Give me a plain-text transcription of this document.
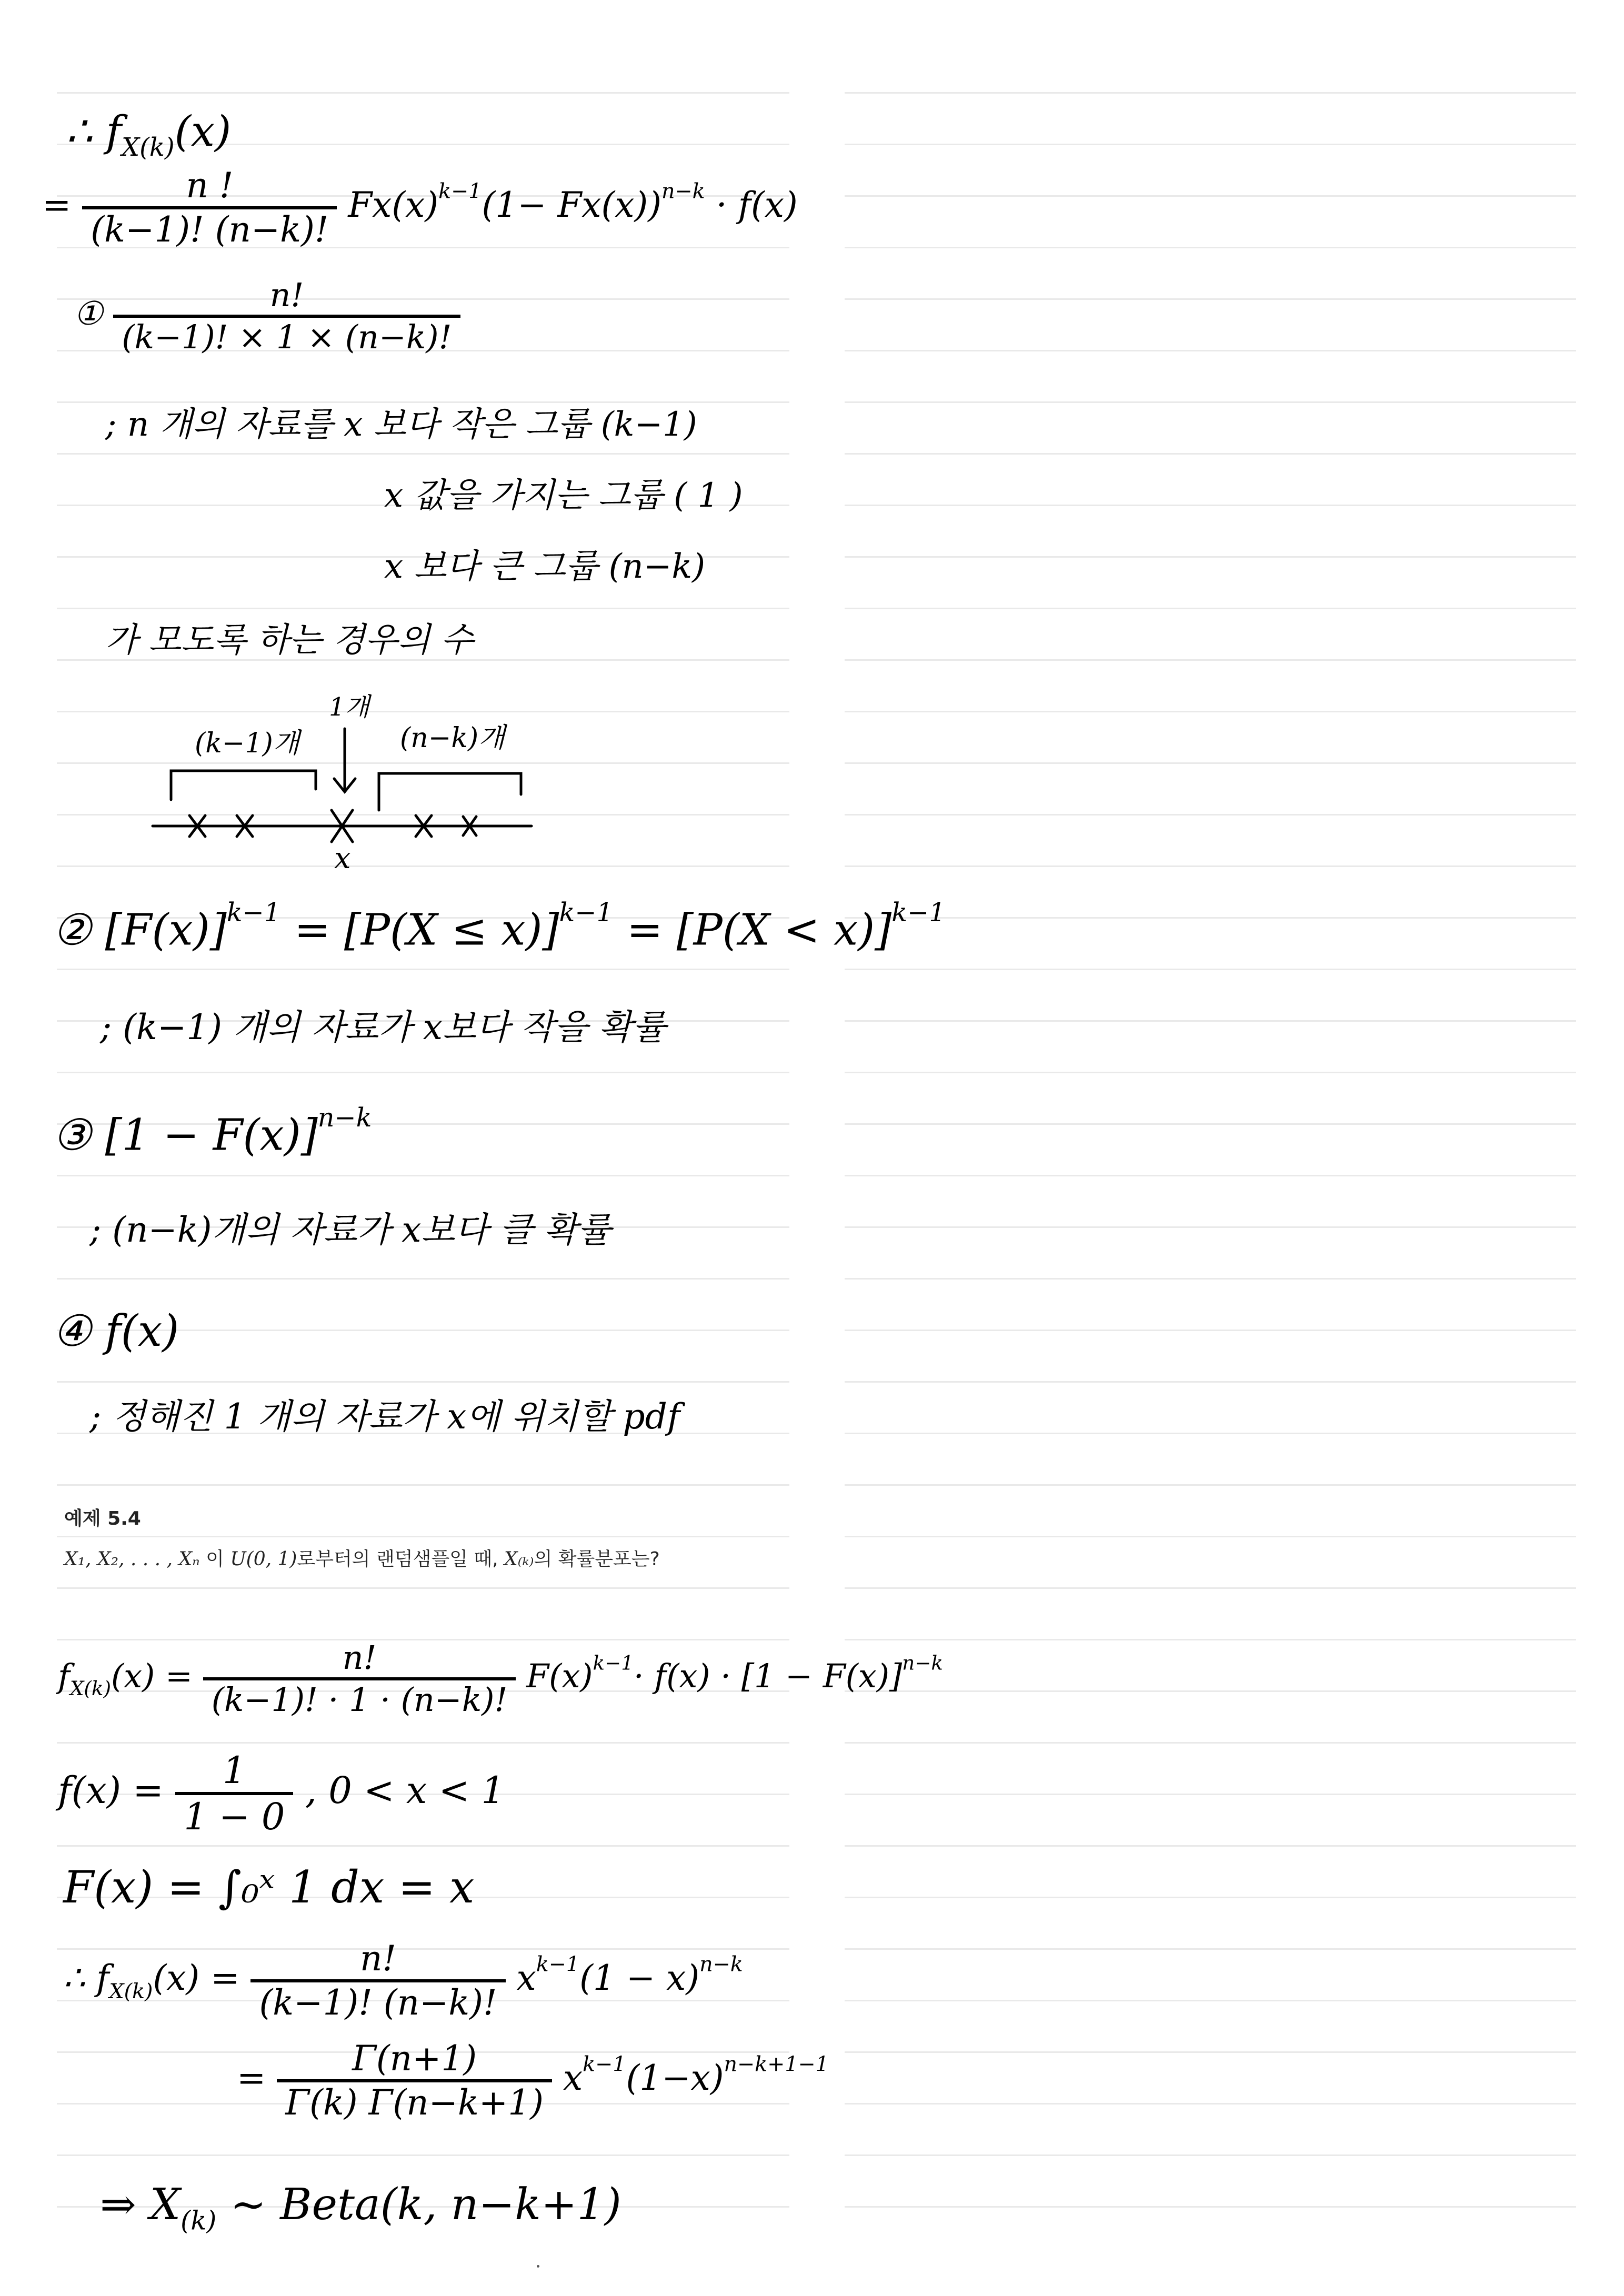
∴ $f_{X(k)}(x)$
= $\frac{n !}{(k-1)! (n-k)!} Fx(x)^{k-1}(1- Fx(x))^{n-k} \cdot f(x)$
① $\frac{n!}{(k-1)! \times 1 \times (n-k)!}$
; n 개의 자료를 x 보다 작은 그룹 (k−1)
x 값을 가지는 그룹 ( 1 )
x 보다 큰 그룹 (n−k)
가 모도록 하는 경우의 수
(k−1)개
1개
(n−k)개
x
② $[F(x)]^{k-1} = [P(X \le x)]^{k-1} = [P(X < x)]^{k-1}$
; (k−1) 개의 자료가 x보다 작을 확률
③ $[1 - F(x)]^{n-k}$
; (n−k)개의 자료가 x보다 클 확률
④ f(x)
; 정해진 1 개의 자료가 x에 위치할 pdf
예제 5.4
X₁, X₂, . . . , Xₙ 이 U(0, 1)로부터의 랜덤샘플일 때, X₍ₖ₎의 확률분포는?
$f_{X(k)}(x) = \frac{n!}{(k-1)! \cdot 1 \cdot (n-k)!} F(x)^{k-1}\cdot f(x) \cdot [1 - F(x)]^{n-k}$
$f(x) = \frac{1}{1 - 0}$ , 0 < x < 1
F(x) = ∫₀ˣ 1 dx = x
∴ $f_{X(k)}(x) = \frac{n!}{(k-1)! (n-k)!} x^{k-1}(1 - x)^{n-k}$
= $\frac{\Gamma(n+1)}{\Gamma(k) \Gamma(n-k+1)} x^{k-1}(1-x)^{n-k+1-1}$
⇒ $X_{(k)}$ ~ Beta(k, n−k+1)
